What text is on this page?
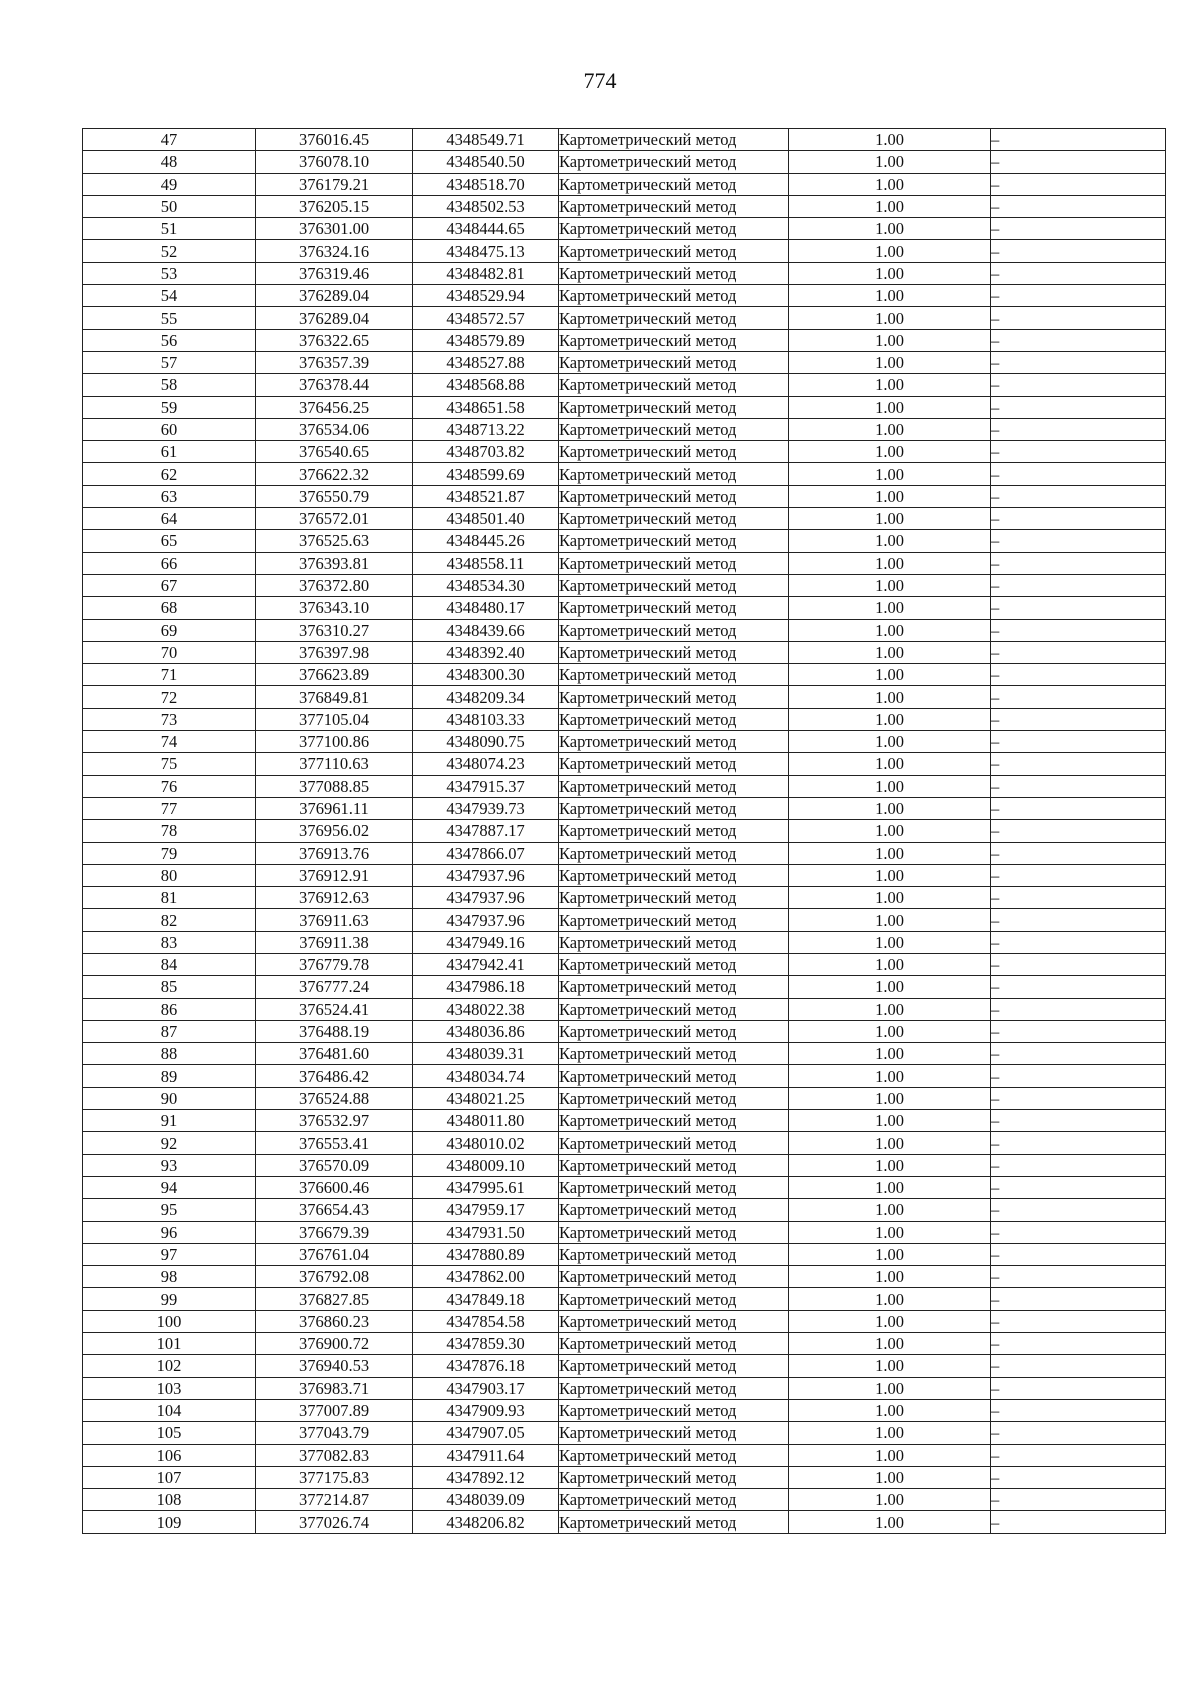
774
47	376016.45	4348549.71	Картометрический метод	1.00	–
48	376078.10	4348540.50	Картометрический метод	1.00	–
49	376179.21	4348518.70	Картометрический метод	1.00	–
50	376205.15	4348502.53	Картометрический метод	1.00	–
51	376301.00	4348444.65	Картометрический метод	1.00	–
52	376324.16	4348475.13	Картометрический метод	1.00	–
53	376319.46	4348482.81	Картометрический метод	1.00	–
54	376289.04	4348529.94	Картометрический метод	1.00	–
55	376289.04	4348572.57	Картометрический метод	1.00	–
56	376322.65	4348579.89	Картометрический метод	1.00	–
57	376357.39	4348527.88	Картометрический метод	1.00	–
58	376378.44	4348568.88	Картометрический метод	1.00	–
59	376456.25	4348651.58	Картометрический метод	1.00	–
60	376534.06	4348713.22	Картометрический метод	1.00	–
61	376540.65	4348703.82	Картометрический метод	1.00	–
62	376622.32	4348599.69	Картометрический метод	1.00	–
63	376550.79	4348521.87	Картометрический метод	1.00	–
64	376572.01	4348501.40	Картометрический метод	1.00	–
65	376525.63	4348445.26	Картометрический метод	1.00	–
66	376393.81	4348558.11	Картометрический метод	1.00	–
67	376372.80	4348534.30	Картометрический метод	1.00	–
68	376343.10	4348480.17	Картометрический метод	1.00	–
69	376310.27	4348439.66	Картометрический метод	1.00	–
70	376397.98	4348392.40	Картометрический метод	1.00	–
71	376623.89	4348300.30	Картометрический метод	1.00	–
72	376849.81	4348209.34	Картометрический метод	1.00	–
73	377105.04	4348103.33	Картометрический метод	1.00	–
74	377100.86	4348090.75	Картометрический метод	1.00	–
75	377110.63	4348074.23	Картометрический метод	1.00	–
76	377088.85	4347915.37	Картометрический метод	1.00	–
77	376961.11	4347939.73	Картометрический метод	1.00	–
78	376956.02	4347887.17	Картометрический метод	1.00	–
79	376913.76	4347866.07	Картометрический метод	1.00	–
80	376912.91	4347937.96	Картометрический метод	1.00	–
81	376912.63	4347937.96	Картометрический метод	1.00	–
82	376911.63	4347937.96	Картометрический метод	1.00	–
83	376911.38	4347949.16	Картометрический метод	1.00	–
84	376779.78	4347942.41	Картометрический метод	1.00	–
85	376777.24	4347986.18	Картометрический метод	1.00	–
86	376524.41	4348022.38	Картометрический метод	1.00	–
87	376488.19	4348036.86	Картометрический метод	1.00	–
88	376481.60	4348039.31	Картометрический метод	1.00	–
89	376486.42	4348034.74	Картометрический метод	1.00	–
90	376524.88	4348021.25	Картометрический метод	1.00	–
91	376532.97	4348011.80	Картометрический метод	1.00	–
92	376553.41	4348010.02	Картометрический метод	1.00	–
93	376570.09	4348009.10	Картометрический метод	1.00	–
94	376600.46	4347995.61	Картометрический метод	1.00	–
95	376654.43	4347959.17	Картометрический метод	1.00	–
96	376679.39	4347931.50	Картометрический метод	1.00	–
97	376761.04	4347880.89	Картометрический метод	1.00	–
98	376792.08	4347862.00	Картометрический метод	1.00	–
99	376827.85	4347849.18	Картометрический метод	1.00	–
100	376860.23	4347854.58	Картометрический метод	1.00	–
101	376900.72	4347859.30	Картометрический метод	1.00	–
102	376940.53	4347876.18	Картометрический метод	1.00	–
103	376983.71	4347903.17	Картометрический метод	1.00	–
104	377007.89	4347909.93	Картометрический метод	1.00	–
105	377043.79	4347907.05	Картометрический метод	1.00	–
106	377082.83	4347911.64	Картометрический метод	1.00	–
107	377175.83	4347892.12	Картометрический метод	1.00	–
108	377214.87	4348039.09	Картометрический метод	1.00	–
109	377026.74	4348206.82	Картометрический метод	1.00	–
